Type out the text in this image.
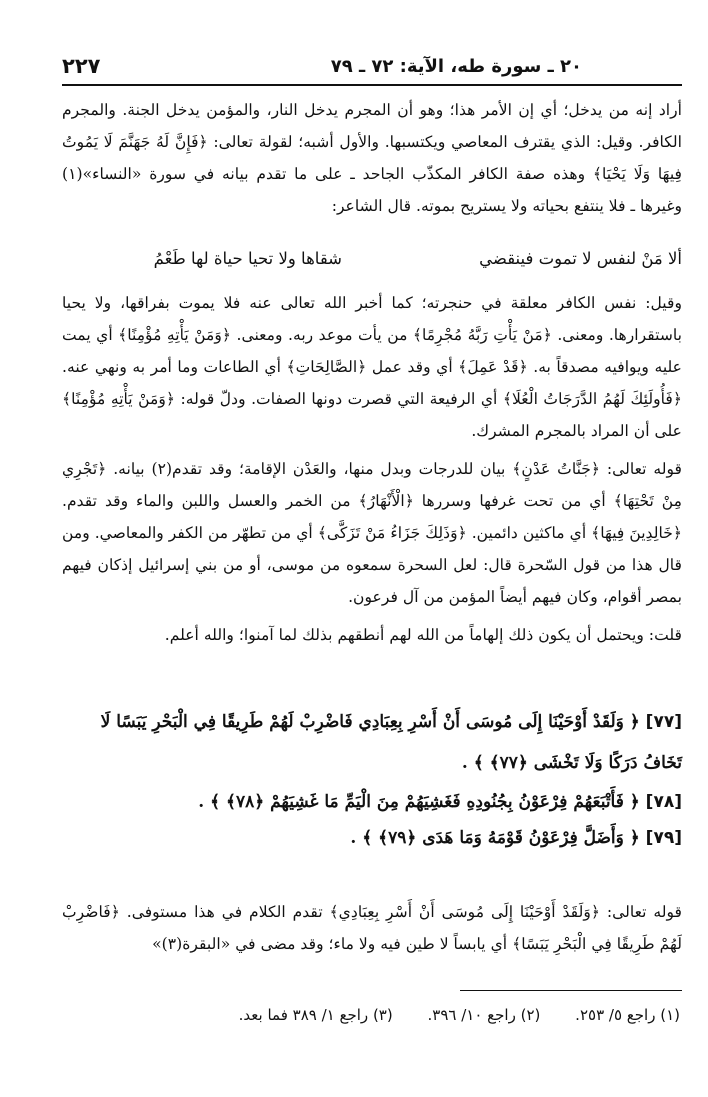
٢٢٧	٢٠ ـ سورة طه، الآية: ٧٢ ـ ٧٩

أراد إنه من يدخل؛ أي إن الأمر هذا؛ وهو أن المجرم يدخل النار، والمؤمن يدخل الجنة. والمجرم الكافر. وقيل: الذي يقترف المعاصي ويكتسبها. والأول أشبه؛ لقولة تعالى: ﴿فَإِنَّ لَهُ جَهَنَّمَ لَا يَمُوتُ فِيهَا وَلَا يَحْيَا﴾ وهذه صفة الكافر المكذّب الجاحد ـ على ما تقدم بيانه في سورة «النساء»(١) وغيرها ـ فلا ينتفع بحياته ولا يستريح بموته. قال الشاعر:

ألا مَنْ لنفس لا تموت فينقضي
شقاها ولا تحيا حياة لها طَعْمُ

وقيل: نفس الكافر معلقة في حنجرته؛ كما أخبر الله تعالى عنه فلا يموت بفراقها، ولا يحيا باستقرارها. ومعنى. ﴿مَنْ يَأْتِ رَبَّهُ مُجْرِمًا﴾ من يأت موعد ربه. ومعنى. ﴿وَمَنْ يَأْتِهِ مُؤْمِنًا﴾ أي يمت عليه ويوافيه مصدقاً به. ﴿قَدْ عَمِلَ﴾ أي وقد عمل ﴿الصَّالِحَاتِ﴾ أي الطاعات وما أمر به ونهي عنه. ﴿فَأُولَئِكَ لَهُمُ الدَّرَجَاتُ الْعُلَا﴾ أي الرفيعة التي قصرت دونها الصفات. ودلّ قوله: ﴿وَمَنْ يَأْتِهِ مُؤْمِنًا﴾ على أن المراد بالمجرم المشرك.

قوله تعالى: ﴿جَنَّاتُ عَدْنٍ﴾ بيان للدرجات وبدل منها، والعَدْن الإقامة؛ وقد تقدم(٢) بيانه. ﴿تَجْرِي مِنْ تَحْتِهَا﴾ أي من تحت غرفها وسررها ﴿الْأَنْهَارُ﴾ من الخمر والعسل واللبن والماء وقد تقدم. ﴿خَالِدِينَ فِيهَا﴾ أي ماكثين دائمين. ﴿وَذَلِكَ جَزَاءُ مَنْ تَزَكَّى﴾ أي من تطهّر من الكفر والمعاصي. ومن قال هذا من قول السّحرة قال: لعل السحرة سمعوه من موسى، أو من بني إسرائيل إذكان فيهم بمصر أقوام، وكان فيهم أيضاً المؤمن من آل فرعون.

قلت: ويحتمل أن يكون ذلك إلهاماً من الله لهم أنطقهم بذلك لما آمنوا؛ والله أعلم.

[٧٧] ﴿ وَلَقَدْ أَوْحَيْنَا إِلَى مُوسَى أَنْ أَسْرِ بِعِبَادِي فَاضْرِبْ لَهُمْ طَرِيقًا فِي الْبَحْرِ يَبَسًا لَا تَخَافُ دَرَكًا وَلَا تَخْشَى ﴿٧٧﴾ ﴾ .

[٧٨] ﴿ فَأَتْبَعَهُمْ فِرْعَوْنُ بِجُنُودِهِ فَغَشِيَهُمْ مِنَ الْيَمِّ مَا غَشِيَهُمْ ﴿٧٨﴾ ﴾ .

[٧٩] ﴿ وَأَضَلَّ فِرْعَوْنُ قَوْمَهُ وَمَا هَدَى ﴿٧٩﴾ ﴾ .

قوله تعالى: ﴿وَلَقَدْ أَوْحَيْنَا إِلَى مُوسَى أَنْ أَسْرِ بِعِبَادِي﴾ تقدم الكلام في هذا مستوفى. ﴿فَاضْرِبْ لَهُمْ طَرِيقًا فِي الْبَحْرِ يَبَسًا﴾ أي يابساً لا طين فيه ولا ماء؛ وقد مضى في «البقرة(٣)»

(١) راجع ٥/ ٢٥٣. (٢) راجع ١٠/ ٣٩٦. (٣) راجع ١/ ٣٨٩ فما بعد.
